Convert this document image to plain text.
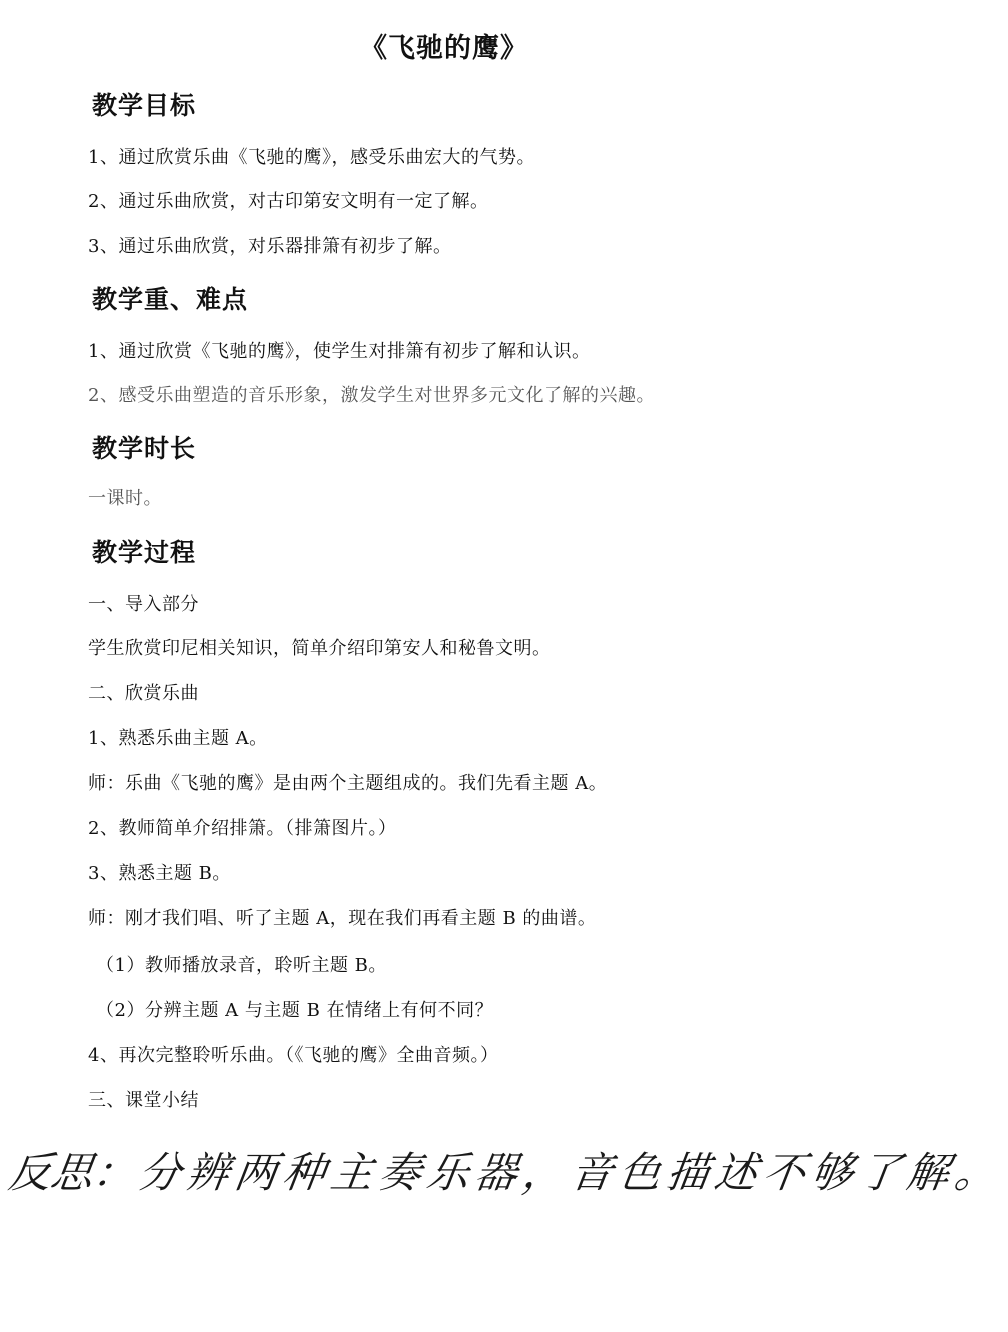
《飞驰的鹰》
教学目标
1、通过欣赏乐曲《飞驰的鹰》，感受乐曲宏大的气势。
2、通过乐曲欣赏，对古印第安文明有一定了解。
3、通过乐曲欣赏，对乐器排箫有初步了解。
教学重、难点
1、通过欣赏《飞驰的鹰》，使学生对排箫有初步了解和认识。
2、感受乐曲塑造的音乐形象，激发学生对世界多元文化了解的兴趣。
教学时长
一课时。
教学过程
一、导入部分
学生欣赏印尼相关知识，简单介绍印第安人和秘鲁文明。
二、欣赏乐曲
1、熟悉乐曲主题 A。
师：乐曲《飞驰的鹰》是由两个主题组成的。我们先看主题 A。
2、教师简单介绍排箫。（排箫图片。）
3、熟悉主题 B。
师：刚才我们唱、听了主题 A，现在我们再看主题 B 的曲谱。
（1）教师播放录音，聆听主题 B。
（2）分辨主题 A 与主题 B 在情绪上有何不同？
4、再次完整聆听乐曲。（《飞驰的鹰》全曲音频。）
三、课堂小结
反思：分辨两种主奏乐器，音色描述不够了解。
